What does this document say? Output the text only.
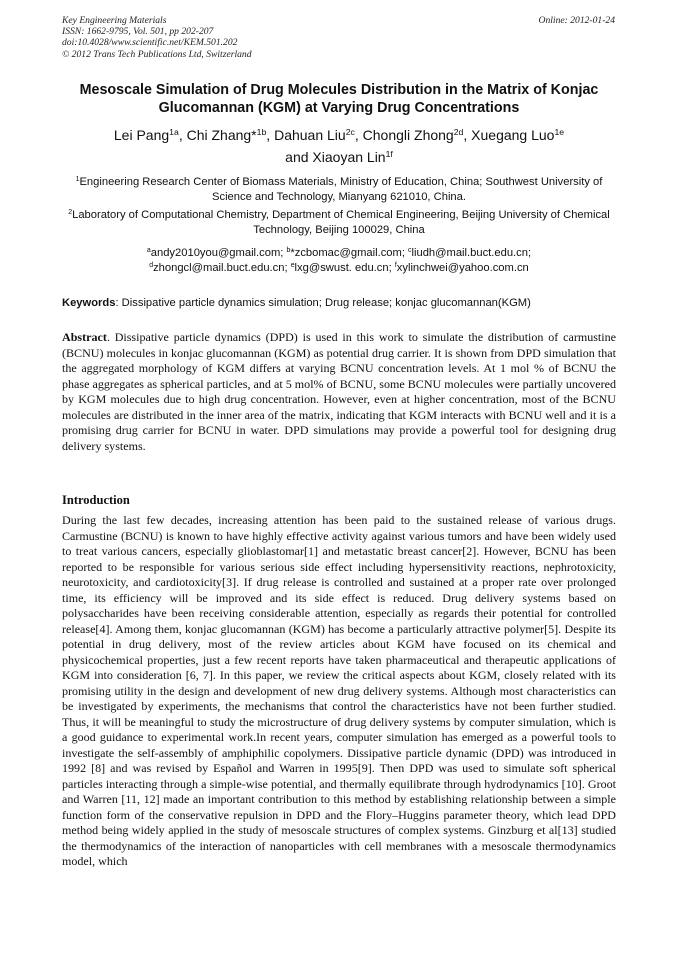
Key Engineering Materials
ISSN: 1662-9795, Vol. 501, pp 202-207
doi:10.4028/www.scientific.net/KEM.501.202
© 2012 Trans Tech Publications Ltd, Switzerland
Online: 2012-01-24
Mesoscale Simulation of Drug Molecules Distribution in the Matrix of Konjac Glucomannan (KGM) at Varying Drug Concentrations
Lei Pang$^{1a}$, Chi Zhang*$^{1b}$, Dahuan Liu$^{2c}$, Chongli Zhong$^{2d}$, Xuegang Luo$^{1e}$
and Xiaoyan Lin$^{1f}$
$^1$Engineering Research Center of Biomass Materials, Ministry of Education, China; Southwest University of Science and Technology, Mianyang 621010, China.
$^2$Laboratory of Computational Chemistry, Department of Chemical Engineering, Beijing University of Chemical Technology, Beijing 100029, China
$^a$andy2010you@gmail.com; $^b$*zcbomac@gmail.com; $^c$liudh@mail.buct.edu.cn;
$^d$zhongcl@mail.buct.edu.cn; $^e$lxg@swust. edu.cn; $^f$xylinchwei@yahoo.com.cn
Keywords: Dissipative particle dynamics simulation; Drug release; konjac glucomannan(KGM)
Abstract. Dissipative particle dynamics (DPD) is used in this work to simulate the distribution of carmustine (BCNU) molecules in konjac glucomannan (KGM) as potential drug carrier. It is shown from DPD simulation that the aggregated morphology of KGM differs at varying BCNU concentration levels. At 1 mol % of BCNU the phase aggregates as spherical particles, and at 5 mol% of BCNU, some BCNU molecules were partially uncovered by KGM molecules due to high drug concentration. However, even at higher concentration, most of the BCNU molecules are distributed in the inner area of the matrix, indicating that KGM interacts with BCNU well and it is a promising drug carrier for BCNU in water. DPD simulations may provide a powerful tool for designing drug delivery systems.
Introduction

During the last few decades, increasing attention has been paid to the sustained release of various drugs. Carmustine (BCNU) is known to have highly effective activity against various tumors and have been widely used to treat various cancers, especially glioblastomar[1] and metastatic breast cancer[2]. However, BCNU has been reported to be responsible for various serious side effect including hypersensitivity reactions, nephrotoxicity, neurotoxicity, and cardiotoxicity[3]. If drug release is controlled and sustained at a proper rate over prolonged time, its efficiency will be improved and its side effect is reduced. Drug delivery systems based on polysaccharides have been receiving considerable attention, especially as regards their potential for controlled release[4]. Among them, konjac glucomannan (KGM) has become a particularly attractive polymer[5]. Despite its potential in drug delivery, most of the review articles about KGM have focused on its chemical and physicochemical properties, just a few recent reports have taken pharmaceutical and therapeutic applications of KGM into consideration [6, 7]. In this paper, we review the critical aspects about KGM, closely related with its promising utility in the design and development of new drug delivery systems. Although most characteristics can be investigated by experiments, the mechanisms that control the characteristics have not been further studied. Thus, it will be meaningful to study the microstructure of drug delivery systems by computer simulation, which is a good guidance to experimental work.In recent years, computer simulation has emerged as a powerful tools to investigate the self-assembly of amphiphilic copolymers. Dissipative particle dynamic (DPD) was introduced in 1992 [8] and was revised by Español and Warren in 1995[9]. Then DPD was used to simulate soft spherical particles interacting through a simple-wise potential, and thermally equilibrate through hydrodynamics [10]. Groot and Warren [11, 12] made an important contribution to this method by establishing relationship between a simple function form of the conservative repulsion in DPD and the Flory–Huggins parameter theory, which lead DPD method being widely applied in the study of mesoscale structures of complex systems. Ginzburg et al[13] studied the thermodynamics of the interaction of nanoparticles with cell membranes with a mesoscale thermodynamics model, which
